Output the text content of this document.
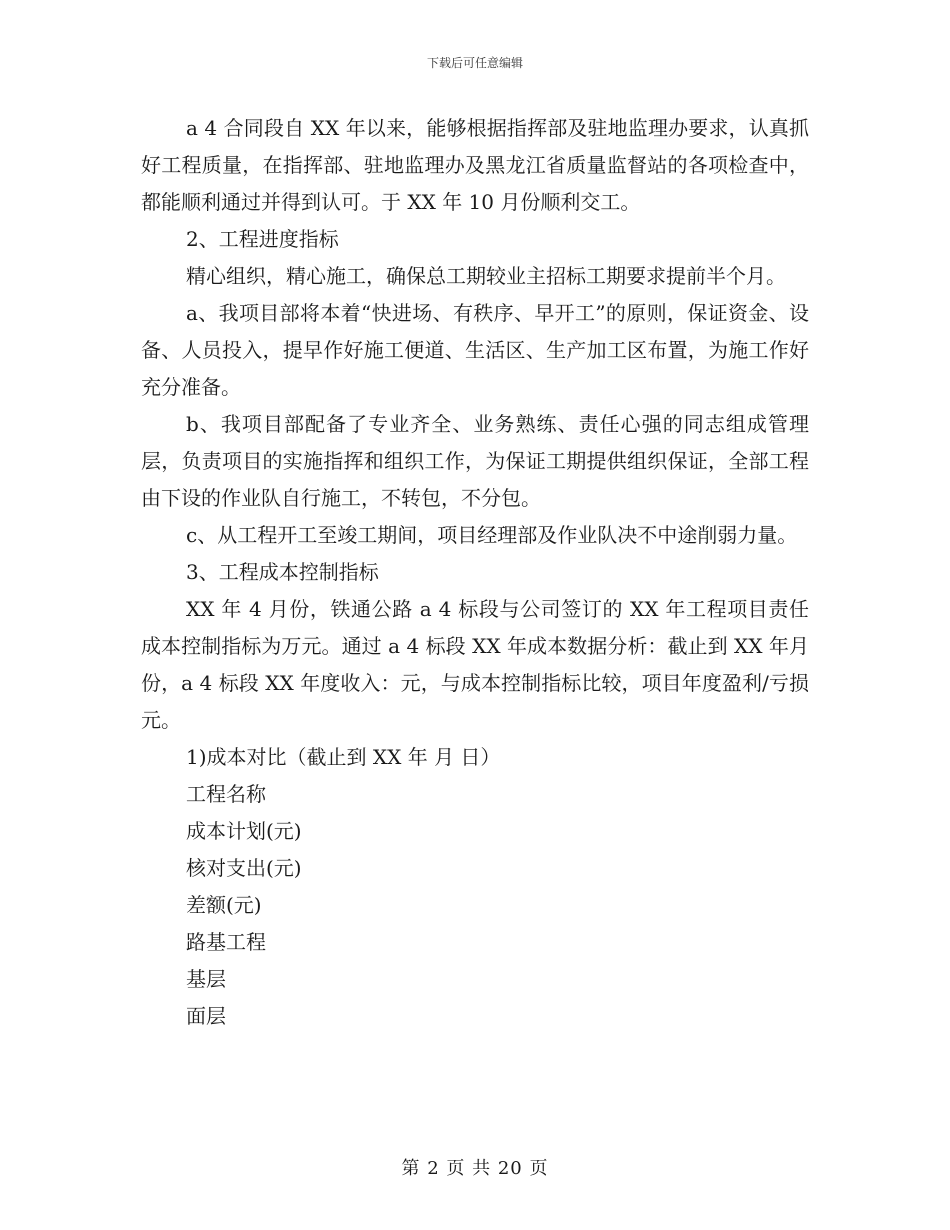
下载后可任意编辑

a 4 合同段自 XX 年以来，能够根据指挥部及驻地监理办要求，认真抓好工程质量，在指挥部、驻地监理办及黑龙江省质量监督站的各项检查中，都能顺利通过并得到认可。于 XX 年 10 月份顺利交工。

2、工程进度指标

精心组织，精心施工，确保总工期较业主招标工期要求提前半个月。

a、我项目部将本着“快进场、有秩序、早开工”的原则，保证资金、设备、人员投入，提早作好施工便道、生活区、生产加工区布置，为施工作好充分准备。

b、我项目部配备了专业齐全、业务熟练、责任心强的同志组成管理层，负责项目的实施指挥和组织工作，为保证工期提供组织保证，全部工程由下设的作业队自行施工，不转包，不分包。

c、从工程开工至竣工期间，项目经理部及作业队决不中途削弱力量。

3、工程成本控制指标

XX 年 4 月份，铁通公路 a 4 标段与公司签订的 XX 年工程项目责任成本控制指标为万元。通过 a 4 标段 XX 年成本数据分析：截止到 XX 年月份，a 4 标段 XX 年度收入：元，与成本控制指标比较，项目年度盈利/亏损元。

1)成本对比（截止到 XX 年 月 日）

工程名称

成本计划(元)

核对支出(元)

差额(元)

路基工程

基层

面层

第 2 页 共 20 页
